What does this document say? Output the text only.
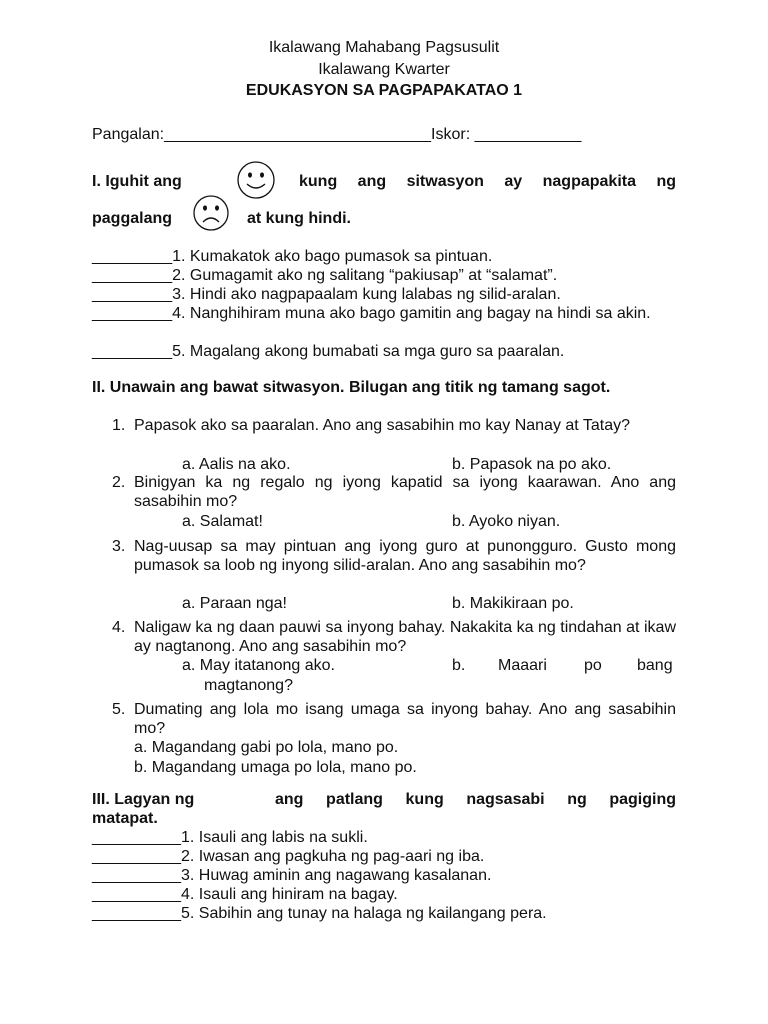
Ikalawang Mahabang Pagsusulit
Ikalawang Kwarter
EDUKASYON SA PAGPAPAKATAO 1
Pangalan:______________________________Iskor: ____________
I. Iguhit ang	kung ang sitwasyon ay nagpapakita ng
paggalang	at kung hindi.
_________1. Kumakatok ako bago pumasok sa pintuan.
_________2. Gumagamit ako ng salitang “pakiusap” at “salamat”.
_________3. Hindi ako nagpapaalam kung lalabas ng silid-aralan.
_________4. Nanghihiram muna ako bago gamitin ang bagay na hindi sa akin.
_________5. Magalang akong bumabati sa mga guro sa paaralan.
II. Unawain ang bawat sitwasyon. Bilugan ang titik ng tamang sagot.
1. Papasok ako sa paaralan. Ano ang sasabihin mo kay Nanay at Tatay?
a. Aalis na ako.	b. Papasok na po ako.
2. Binigyan ka ng regalo ng iyong kapatid sa iyong kaarawan. Ano ang sasabihin mo?
a. Salamat!	b. Ayoko niyan.
3. Nag-uusap sa may pintuan ang iyong guro at punongguro. Gusto mong pumasok sa loob ng inyong silid-aralan. Ano ang sasabihin mo?
a. Paraan nga!	b. Makikiraan po.
4. Naligaw ka ng daan pauwi sa inyong bahay. Nakakita ka ng tindahan at ikaw ay nagtanong. Ano ang sasabihin mo?
a. May itatanong ako.	b. Maaari po bang
magtanong?
5. Dumating ang lola mo isang umaga sa inyong bahay. Ano ang sasabihin mo?
a. Magandang gabi po lola, mano po.
b. Magandang umaga po lola, mano po.
III. Lagyan ng	ang patlang kung nagsasabi ng pagiging
matapat.
__________1. Isauli ang labis na sukli.
__________2. Iwasan ang pagkuha ng pag-aari ng iba.
__________3. Huwag aminin ang nagawang kasalanan.
__________4. Isauli ang hiniram na bagay.
__________5. Sabihin ang tunay na halaga ng kailangang pera.
